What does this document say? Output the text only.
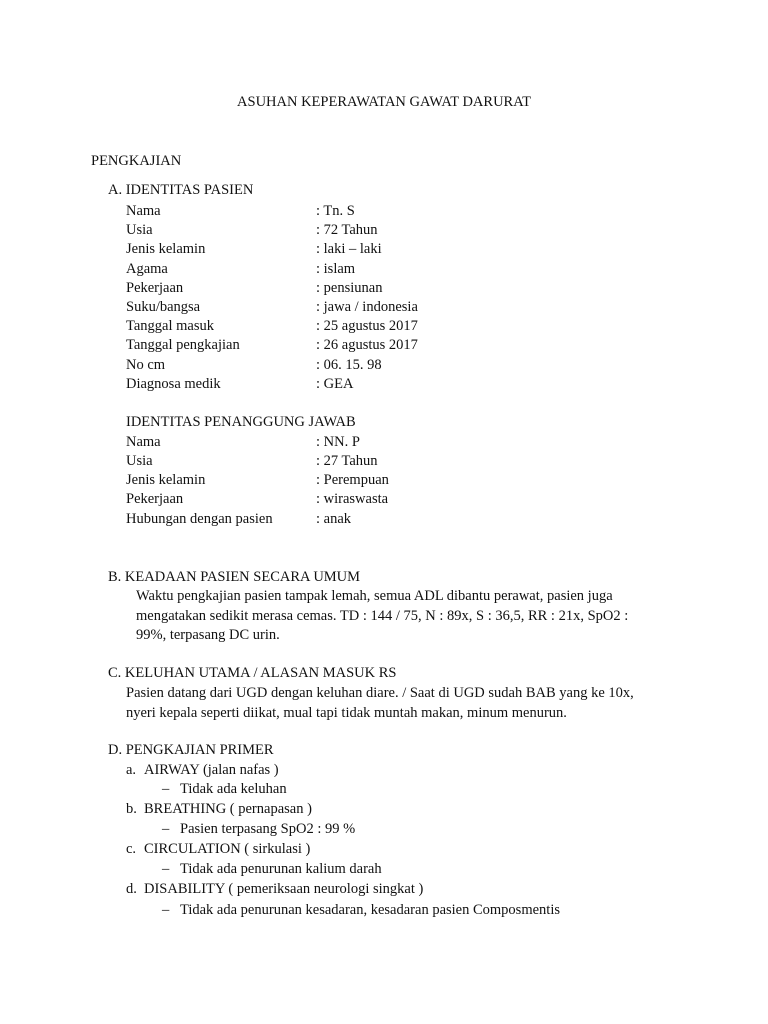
ASUHAN KEPERAWATAN GAWAT DARURAT
PENGKAJIAN
A. IDENTITAS PASIEN
Nama	: Tn. S
Usia	: 72 Tahun
Jenis kelamin	: laki – laki
Agama	: islam
Pekerjaan	: pensiunan
Suku/bangsa	: jawa / indonesia
Tanggal masuk	: 25 agustus 2017
Tanggal pengkajian	: 26 agustus 2017
No cm	: 06. 15. 98
Diagnosa medik	: GEA
IDENTITAS PENANGGUNG JAWAB
Nama	: NN. P
Usia	: 27 Tahun
Jenis kelamin	: Perempuan
Pekerjaan	: wiraswasta
Hubungan dengan pasien	: anak
B. KEADAAN PASIEN SECARA UMUM
Waktu pengkajian pasien tampak lemah, semua ADL dibantu perawat, pasien juga
mengatakan sedikit merasa cemas. TD : 144 / 75, N : 89x, S : 36,5, RR : 21x, SpO2 :
99%, terpasang DC urin.
C. KELUHAN UTAMA / ALASAN MASUK RS
Pasien datang dari UGD dengan keluhan diare. / Saat di UGD sudah BAB yang ke 10x,
nyeri kepala seperti diikat, mual tapi tidak muntah makan, minum menurun.
D. PENGKAJIAN PRIMER
a. AIRWAY (jalan nafas )
– Tidak ada keluhan
b. BREATHING ( pernapasan )
– Pasien terpasang SpO2 : 99 %
c. CIRCULATION ( sirkulasi )
– Tidak ada penurunan kalium darah
d. DISABILITY ( pemeriksaan neurologi singkat )
– Tidak ada penurunan kesadaran, kesadaran pasien Composmentis
